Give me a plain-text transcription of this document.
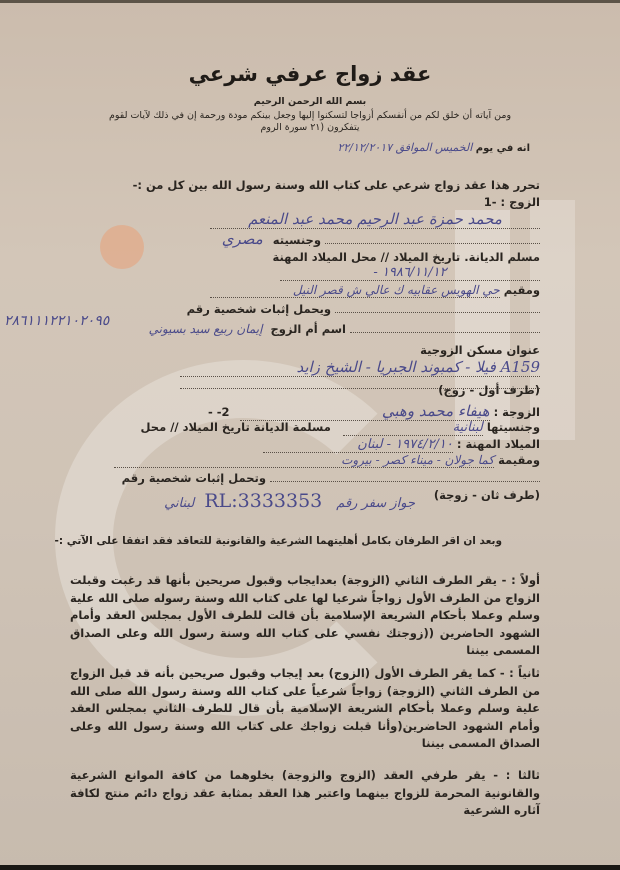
عقد زواج عرفي شرعي
بسم الله الرحمن الرحيم
ومن آياته أن خلق لكم من أنفسكم أزواجا لتسكنوا إليها وجعل بينكم مودة ورحمة إن في ذلك لآيات لقوم
يتفكرون (٢١ سورة الروم
انه في يوم الخميس الموافق ٢٢/١٢/٢٠١٧
تحرر هذا عقد زواج شرعي على كتاب الله وسنة رسول الله بين كل من :-
الزوج : -1
محمد حمزة عبد الرحيم محمد عبد المنعم
وجنسيته مصري
مسلم الديانة. تاريخ الميلاد // محل الميلاد المهنة
١٩٨٦/١١/١٢ -
ومقيم حي الهويس عقابيه ك عالي ش قصر النيل
ويحمل إثبات شخصية رقم
٢٨٦١١١٢٢١٠٢٠٩٥	اسم أم الزوج إيمان ربيع سيد بسيوني
عنوان مسكن الزوجية
A159 فيلا - كمبوند الجبريا - الشيخ زايد
(طرف أول - زوج)
الزوجة : هيفاء محمد وهبي 2- -
وجنسيتها لبنانية مسلمة الديانة تاريخ الميلاد // محل
الميلاد المهنة : ١٩٧٤/٢/١٠ - لبنان
ومقيمة كما جولان - ميناء كصر - بيروت
وتحمل إثبات شخصية رقم
(طرف ثان - زوجة)
جواز سفر رقم RL:3333353 لبناني
وبعد ان اقر الطرفان بكامل أهليتهما الشرعية والقانونية للتعاقد فقد اتفقا على الآتي :-
أولاً : - يقر الطرف الثاني (الزوجة) بعدايجاب وقبول صريحين بأنها قد رغبت وقبلت الزواج من الطرف الأول زواجاً شرعيا لها على كتاب الله وسنة رسوله صلى الله علية وسلم وعملا بأحكام الشريعة الإسلامية بأن قالت للطرف الأول بمجلس العقد وأمام الشهود الحاضرين ((زوجتك نفسي على كتاب الله وسنة رسول الله وعلى الصداق المسمى بيننا
ثانياً : - كما يقر الطرف الأول (الزوج) بعد إيجاب وقبول صريحين بأنه قد قبل الزواج من الطرف الثاني (الزوجة) زواجاً شرعياً على كتاب الله وسنة رسول الله صلى الله علية وسلم وعملا بأحكام الشريعة الإسلامية بأن قال للطرف الثاني بمجلس العقد وأمام الشهود الحاضرين(وأنا قبلت زواجك على كتاب الله وسنة رسول الله وعلى الصداق المسمى بيننا
ثالثا : - يقر طرفي العقد (الزوج والزوجة) بخلوهما من كافة الموانع الشرعية والقانونية المحرمة للزواج بينهما واعتبر هذا العقد بمثابة عقد زواج دائم منتج لكافة آثاره الشرعية
